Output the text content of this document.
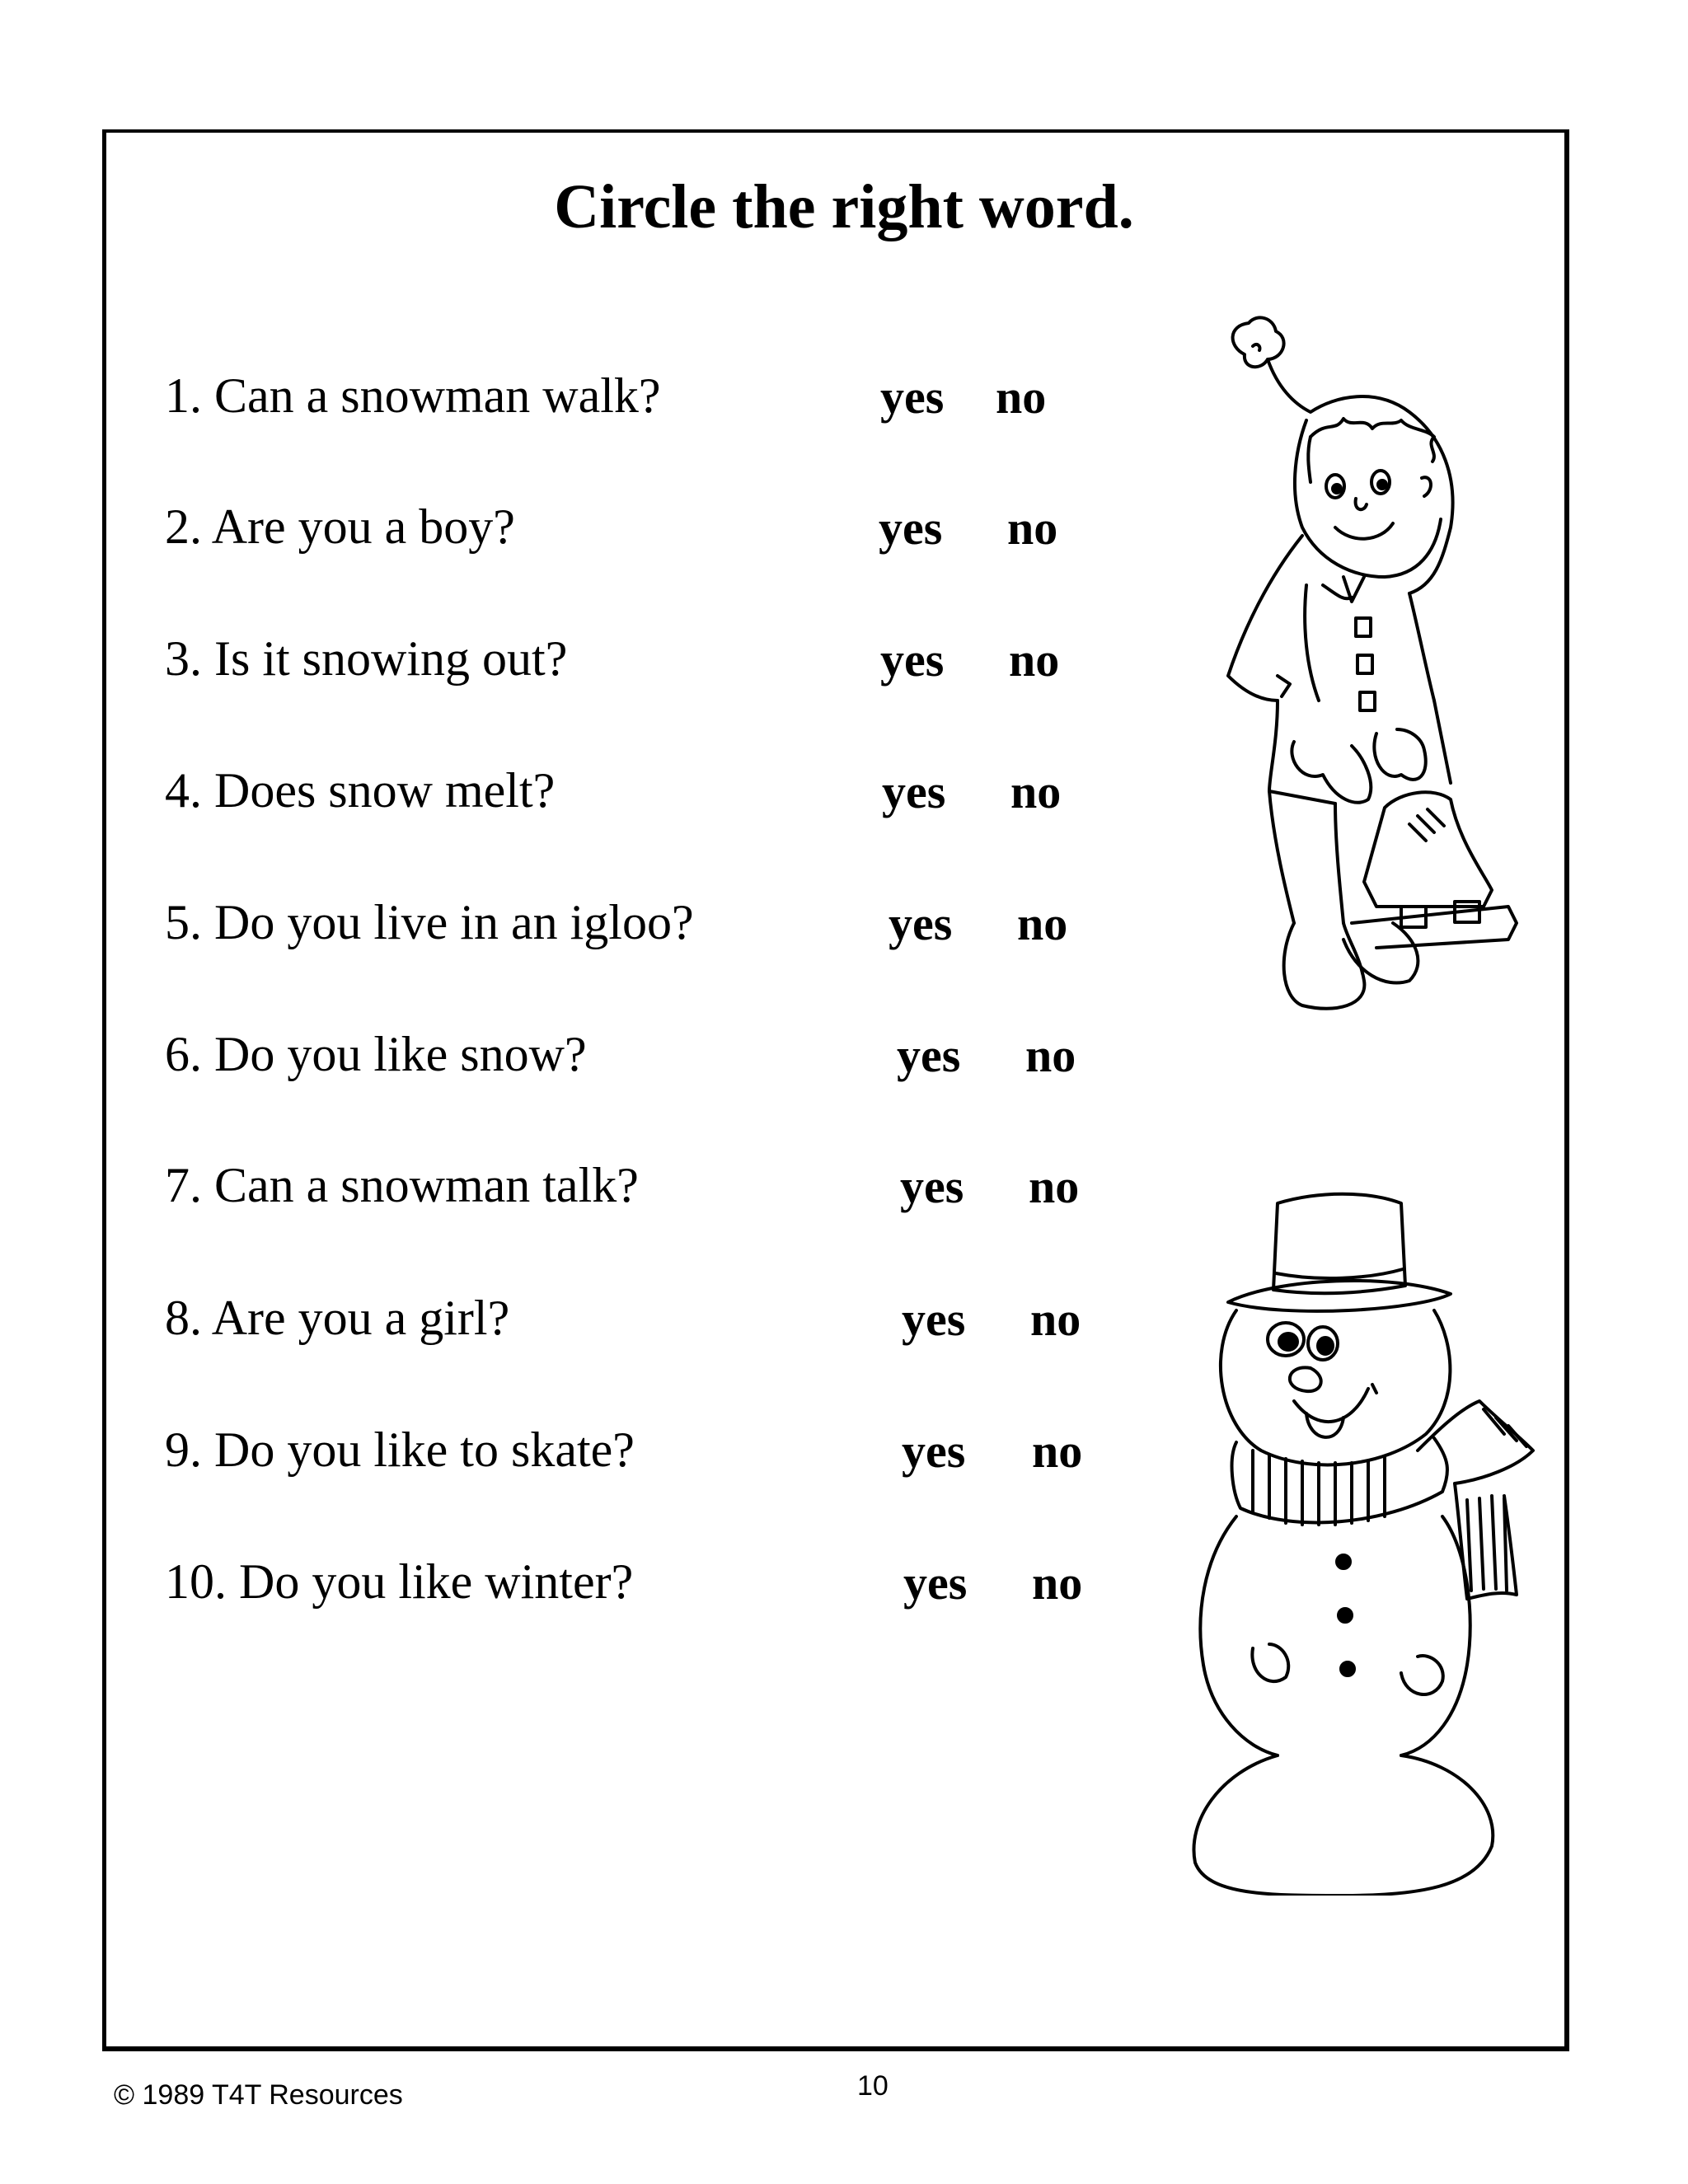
Circle the right word.
1. Can a snowman walk?	yes no
2. Are you a boy?	yes no
3. Is it snowing out?	yes no
4. Does snow melt?	yes no
5. Do you live in an igloo?	yes no
6. Do you like snow?	yes no
7. Can a snowman talk?	yes no
8. Are you a girl?	yes no
9. Do you like to skate?	yes no
10. Do you like winter?	yes no
© 1989 T4T Resources	10
